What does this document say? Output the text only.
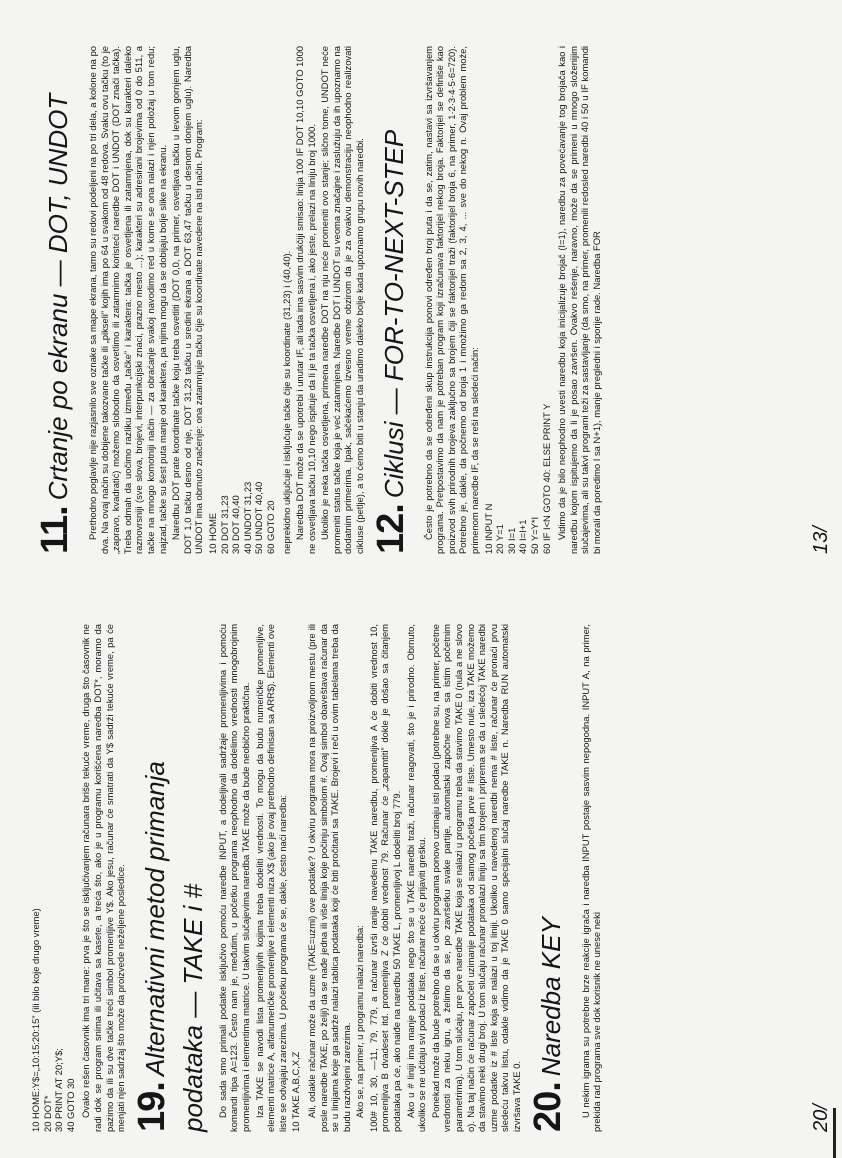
10 HOME:Y$=„10:15:20:15” (ili bilo koje drugo vreme)
20 DOT*
30 PRINT AT 20;Y$;
40 GOTO 30 Ovako rešen časovnik ima tri mane: prva je što se isključivanjem računara briše tekuće vreme, druga što časovnik ne radi dok se program snima ili učitava sa kasete, a treća što, ako je u programu korišćena naredba DOT*, moramo da pazimo da ili su dve tačke treći simbol promenljive Y$. Ako jesu, računar će smatrati da Y$ sadrži tekuće vreme, pa će menjati njen sadržaj što može da proizvede neželjene posledice. 19.Alternativni metod primanja podataka — TAKE i # Do sada smo primali podatke isključivo pomoću naredbe INPUT, a dodeljivali sadržaje promenljivima i pomoću komandi tipa A=123. Često nam je, međutim, u početku programa neophodno da dodelimo vrednosti mnogobrojnim promenljivima i elementima matrice. U takvim slučajevima naredba TAKE može da bude neobično praktična. Iza TAKE se navodi lista promenljivih kojima treba dodeliti vrednosti. To mogu da budu numeričke promenljive, elementi matrice A, alfanumeričke promenljive i elementi niza X$ (ako je ovaj prethodno definisan sa ARR$). Elementi ove liste se odvajaju zarezima. U početku programa će se, dakle, često naći naredba: 10 TAKE A,B,C,X,Z Ali, odakle računar može da uzme (TAKE=uzmi) ove podatke? U okviru programa mora na proizvoljnom mestu (pre ili posle naredbe TAKE, po želji) da se nađe jedna ili više linija koje počinju simbolom #. Ovaj simbol obaveštava računar da se u linijama koje ga sadrže nalazi tablica podataka koji će biti pročitani sa TAKE. Brojevi i reči u ovim tabelama treba da budu razdvojeni zarezima. Ako se, na primer, u programu nalazi naredba: 100# 10, 30, —11, 79, 779, a računar izvrši ranije navedenu TAKE naredbu, promenljiva A će dobiti vrednost 10, promenljiva B dvadeset itd. promenljiva Z će dobiti vrednost 79. Računar će „zapamtiti” dokle je došao sa čitanjem podataka pa će, ako naiđe na naredbu 50 TAKE L, promenljivoj L dodeliti broj 779. Ako u # liniji ima manje podataka nego što se u TAKE naredbi traži, računar reagovati, što je i prirodno. Obrnuto, ukoliko se ne učitaju svi podaci iz liste, računar neće će prijaviti grešku. Ponekad može da bude potrebno da se u okviru programa ponovo uzimaju isti podaci (potrebne su, na primer, početne vrednosti za neku igru, a želimo da se, po završetku svake partije, automatski započne nova sa istim početnim parametrima). U tom slučaju, pre prve naredbe TAKE koja se nalazi u programu treba da stavimo TAKE 0 (nula a ne slovo o). Na taj način će računar započeti uzimanje podataka od samog početka prve # liste. Umesto nule, iza TAKE možemo da stavimo neki drugi broj. U tom slučaju računar pronalazi liniju sa tim brojem i priprema se da u sledećoj TAKE naredbi uzme podatke iz # liste koja se nalazi u toj liniji. Ukoliko u navedenoj naredbi nema # liste, računar će pronaći prvu sledeću takvu listu, odakle vidimo da je TAKE 0 samo specijalni slučaj naredbe TAKE n. Naredba RUN automatski izvršava TAKE 0. 20.Naredba KEY	U nekim igrama su potrebne brze reakcije igrača i naredba INPUT postaje sasvim nepogodna. INPUT A, na primer, prekida rad programa sve dok korisnik ne unese neki	20/
11.Crtanje po ekranu — DOT, UNDOT	Prethodno poglavlje nije razjasnilo sve oznake sa mape ekrana, tamo su redovi podeljeni na po tri dela, a kolone na po dva. Na ovaj način su dobijene takozvane tačke ili „pikseli” kojih ima po 64 u svakom od 48 redova. Svaku ovu tačku (to je „zapravo, kvadratić) možemo slobodno da osvetlimo ili zatamnimo koristeći naredbe DOT i UNDOT (DOT znači tačka). Treba odmah da uočimo razliku između „tačke” i karaktera: tačka je osvetljena ili zatamnjena, dok su karakteri daleko raznovrsniji (sve slova, brojevi, interpunkcijski znaci, prazno mesto ...); karakteri su adresirani brojevima od 0 do 511, a tačke na mnogo komotniji način — za obraćanje svakoj navodimo red u kome se ona nalazi i njen položaj u tom redu; najzad, tačke su šest puta manje od karaktera, pa njima mogu da se dobijaju bolje slike na ekranu. Naredbu DOT prate koordinate tačke koju treba osvetliti (DOT 0,0, na primer, osvetljava tačku u levom gornjem uglu, DOT 1,0 tačku desno od nje, DOT 31,23 tačku u sredini ekrana a DOT 63,47 tačku u desnom donjem uglu). Naredba UNDOT ima obrnuto značenje: ona zatamnjuje tačku čije su koordinate navedene na isti način. Program: 10 HOME
20 DOT 31,23
30 DOT 40,40
40 UNDOT 31,23
50 UNDOT 40,40
60 GOTO 20 neprekidno uključuje i isključuje tačke čije su koordinate (31,23) i (40,40). Naredba DOT može da se upotrebi i unutar IF, ali tada ima sasvim drukčiji smisao: linija 100 IF DOT 10,10 GOTO 1000 ne osvetljava tačku 10,10 nego ispituje da li je ta tačka osvetljena i, ako jeste, prelazi na liniju broj 1000. Ukoliko je neka tačka osvetljena, primena naredbe DOT na nju neće promeniti ovo stanje; slično tome, UNDOT neće promeniti status tačke koja je već zatamnjena. Naredbe DOT i UNDOT su veoma značajne i zaslužuju da ih upoznamo na dodatnim primerima. Ipak, sačekaćemo izvesno vreme obzirom da je za ovakvu demonstraciju neophodno realizovati cikluse (petlje), a to ćemo biti u stanju da uradimo daleko bolje kada upoznamo grupu novih naredbi. 12.Ciklusi — FOR-TO-NEXT-STEP	Često je potrebno da se određeni skup instrukcija ponovi određen broj puta i da se, zatim, nastavi sa izvršavanjem programa. Pretpostavimo da nam je potreban program koji izračunava faktorijel nekog broja. Faktorijel se definiše kao proizvod svih prirodnih brojeva zaključno sa brojem čiji se faktorijel traži (faktorijel broja 6, na primer, 1·2·3·4·5·6=720). Potrebno je, dakle, da počnemo od broja 1 i množimo ga redom sa 2, 3, 4, ... sve do nekog n. Ovaj problem može, primenom naredbe IF, da se reši na sledeći način: 10 INPUT N
20 Y=1
30 I=1
40 I=I+1
50 Y=Y*I
60 IF I<N GOTO 40: ELSE PRINT Y Vidimo da je bilo neophodno uvesti naredbu koja inicijalizuje brojač (I=1), naredbu za povećavanje tog brojača kao i naredbu kojom ispitujemo da li je posao završen. Ovakvo rešenje, naravno, može da se primeni u mnogo složenijim slučajevima, ali su takvi programi teži za sastavljanje (da smo, na primer, promenili redosled naredbi 40 i 50 u IF komandi bi morali da poredimo I sa N+1), manje pregledni i sporije rade. Naredba FOR	13/
